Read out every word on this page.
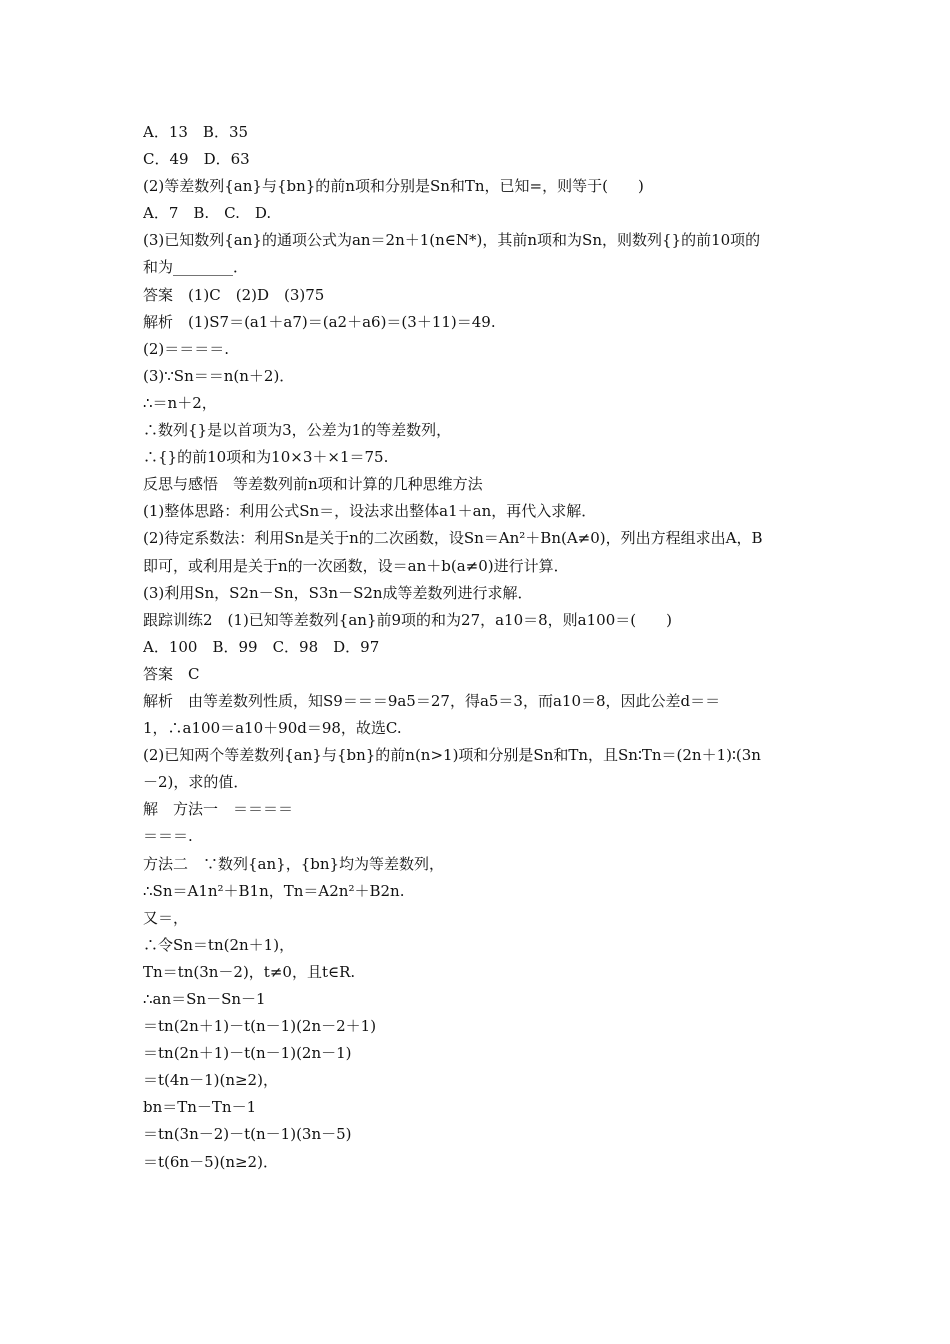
A．13　B．35
C．49　D．63
(2)等差数列{an}与{bn}的前n项和分别是Sn和Tn，已知=，则等于(　　)
A．7　B.　C.　D.
(3)已知数列{an}的通项公式为an＝2n＋1(n∈N*)，其前n项和为Sn，则数列{}的前10项的
和为________．
答案　(1)C　(2)D　(3)75
解析　(1)S7＝(a1＋a7)＝(a2＋a6)＝(3＋11)＝49.
(2)＝＝＝＝.
(3)∵Sn＝＝n(n＋2)．
∴＝n＋2，
∴数列{}是以首项为3，公差为1的等差数列，
∴{}的前10项和为10×3＋×1＝75.
反思与感悟　等差数列前n项和计算的几种思维方法
(1)整体思路：利用公式Sn＝，设法求出整体a1＋an，再代入求解．
(2)待定系数法：利用Sn是关于n的二次函数，设Sn＝An²＋Bn(A≠0)，列出方程组求出A，B
即可，或利用是关于n的一次函数，设＝an＋b(a≠0)进行计算．
(3)利用Sn，S2n－Sn，S3n－S2n成等差数列进行求解．
跟踪训练2　(1)已知等差数列{an}前9项的和为27，a10＝8，则a100＝(　　)
A．100　B．99　C．98　D．97
答案　C
解析　由等差数列性质，知S9＝＝＝9a5＝27，得a5＝3，而a10＝8，因此公差d＝＝
1，∴a100＝a10＋90d＝98，故选C.
(2)已知两个等差数列{an}与{bn}的前n(n>1)项和分别是Sn和Tn，且Sn∶Tn＝(2n＋1)∶(3n
－2)，求的值．
解　方法一　＝＝＝＝
＝＝＝.
方法二　∵数列{an}，{bn}均为等差数列，
∴Sn＝A1n²＋B1n，Tn＝A2n²＋B2n.
又＝，
∴令Sn＝tn(2n＋1)，
Tn＝tn(3n－2)，t≠0，且t∈R.
∴an＝Sn－Sn－1
＝tn(2n＋1)－t(n－1)(2n－2＋1)
＝tn(2n＋1)－t(n－1)(2n－1)
＝t(4n－1)(n≥2)，
bn＝Tn－Tn－1
＝tn(3n－2)－t(n－1)(3n－5)
＝t(6n－5)(n≥2)．
